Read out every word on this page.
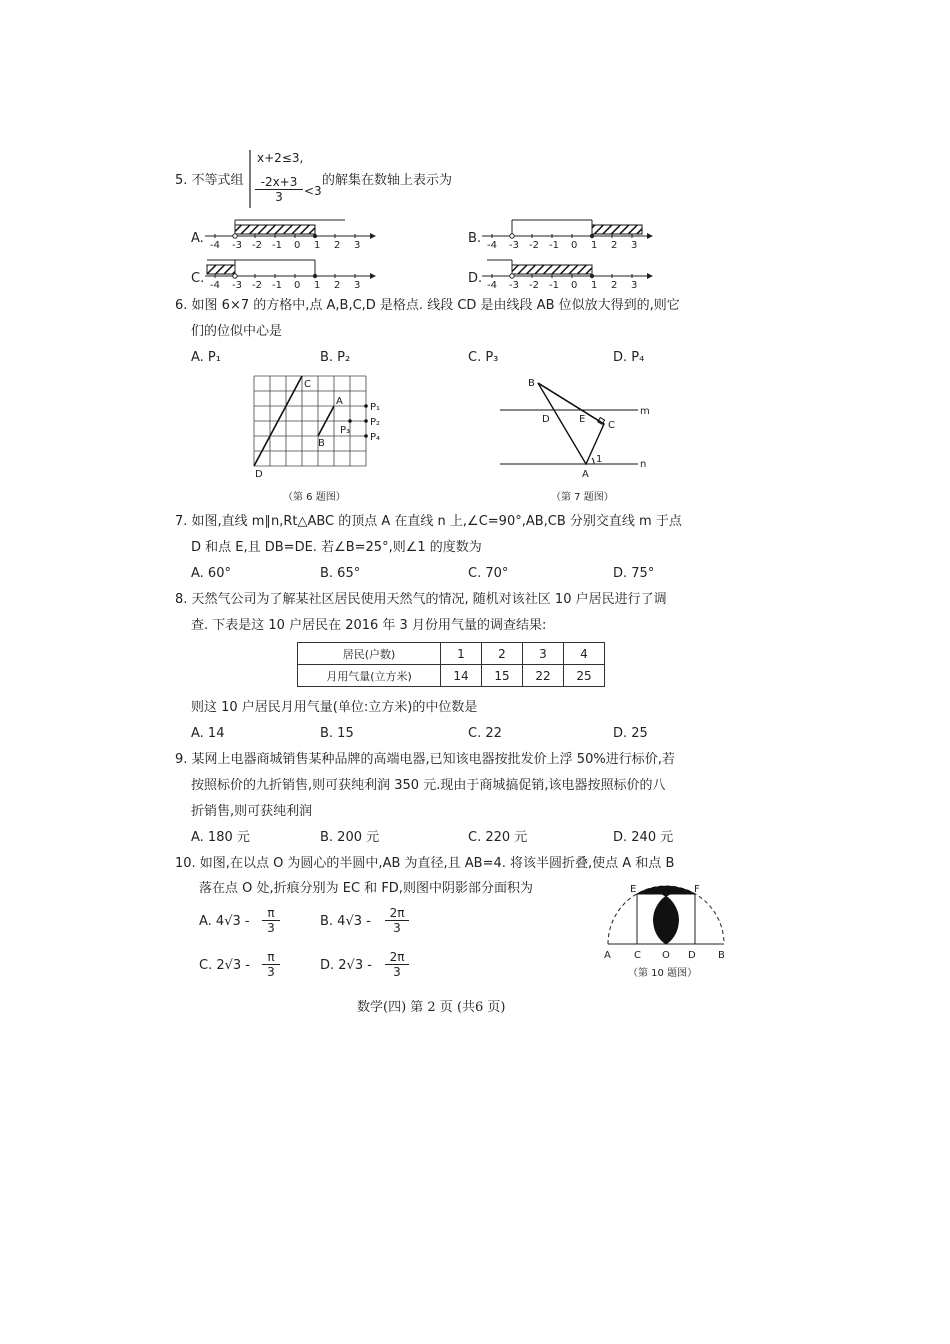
5. 不等式组
x+2≤3,
$\frac{-2x+3}{3} <3$
的解集在数轴上表示为
A. -4 -3 -2 -1 0 1 2 3	B. -4 -3 -2 -1 0 1 2 3
C. -4 -3 -2 -1 0 1 2 3	D. -4 -3 -2 -1 0 1 2 3
6. 如图 6×7 的方格中,点 A,B,C,D 是格点. 线段 CD 是由线段 AB 位似放大得到的,则它
们的位似中心是
A. P₁	B. P₂	C. P₃	D. P₄
C
A
B
D
P₁
P₂
P₃
P₄
（第 6 题图）
B
D	E
C
m
n
A
1
（第 7 题图）
7. 如图,直线 m∥n,Rt△ABC 的顶点 A 在直线 n 上,∠C=90°,AB,CB 分别交直线 m 于点
D 和点 E,且 DB=DE. 若∠B=25°,则∠1 的度数为
A. 60°	B. 65°	C. 70°	D. 75°
8. 天然气公司为了解某社区居民使用天然气的情况, 随机对该社区 10 户居民进行了调
查. 下表是这 10 户居民在 2016 年 3 月份用气量的调查结果:
居民(户数)	1	2	3	4
月用气量(立方米)	14	15	22	25
则这 10 户居民月用气量(单位:立方米)的中位数是
A. 14	B. 15	C. 22	D. 25
9. 某网上电器商城销售某种品牌的高端电器,已知该电器按批发价上浮 50%进行标价,若
按照标价的九折销售,则可获纯利润 350 元.现由于商城搞促销,该电器按照标价的八
折销售,则可获纯利润
A. 180 元	B. 200 元	C. 220 元	D. 240 元
10. 如图,在以点 O 为圆心的半圆中,AB 为直径,且 AB=4. 将该半圆折叠,使点 A 和点 B
落在点 O 处,折痕分别为 EC 和 FD,则图中阴影部分面积为
A. $4√3 - \frac{\pi}{3}$	B. $4√3 - \frac{2\pi}{3}$
C. $2√3 - \frac{\pi}{3}$	D. $2√3 - \frac{2\pi}{3}$
E	F
A C O D B
（第 10 题图）
数学(四) 第 2 页 (共6 页)
